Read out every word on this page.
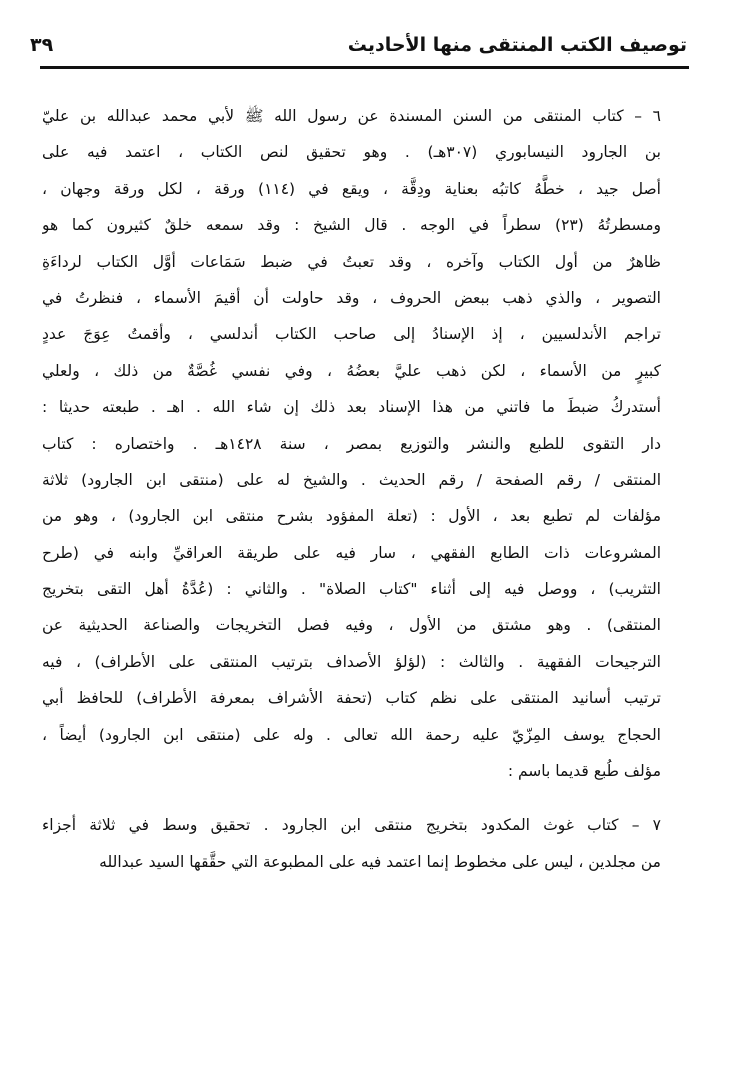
توصيف الكتب المنتقى منها الأحاديث
٣٩
٦ – كتاب المنتقى من السنن المسندة عن رسول الله ﷺ لأبي محمد عبدالله بن عليّ
بن الجارود النيسابوري (٣٠٧هـ) . وهو تحقيق لنص الكتاب ، اعتمد فيه على
أصل جيد ، خطَّهُ كاتبُه بعناية ودِقَّة ، ويقع في (١١٤) ورقة ، لكل ورقة وجهان ،
ومسطرتُهُ (٢٣) سطراً في الوجه . قال الشيخ : وقد سمعه خلقٌ كثيرون كما هو
ظاهرٌ من أول الكتاب وآخره ، وقد تعبتُ في ضبط سَمَاعات أوَّل الكتاب لرداءَةِ
التصوير ، والذي ذهب ببعض الحروف ، وقد حاولت أن أقيمَ الأسماء ، فنظرتُ في
تراجم الأندلسيين ، إذ الإسنادُ إلى صاحب الكتاب أندلسي ، وأقمتُ عِوَجَ عددٍ
كبيرٍ من الأسماء ، لكن ذهب عليَّ بعضُهُ ، وفي نفسي غُصَّةٌ من ذلك ، ولعلي
أستدركُ ضبطَ ما فاتني من هذا الإسناد بعد ذلك إن شاء الله . اهـ . طبعته حديثا :
دار التقوى للطبع والنشر والتوزيع بمصر ، سنة ١٤٢٨هـ . واختصاره : كتاب
المنتقى / رقم الصفحة / رقم الحديث . والشيخ له على (منتقى ابن الجارود) ثلاثة
مؤلفات لم تطبع بعد ، الأول : (تعلة المفؤود بشرح منتقى ابن الجارود) ، وهو من
المشروعات ذات الطابع الفقهي ، سار فيه على طريقة العراقيِّ وابنه في (طرح
التثريب) ، ووصل فيه إلى أثناء "كتاب الصلاة" . والثاني : (عُدَّةُ أهل التقى بتخريج
المنتقى) . وهو مشتق من الأول ، وفيه فصل التخريجات والصناعة الحديثية عن
الترجيحات الفقهية . والثالث : (لؤلؤ الأصداف بترتيب المنتقى على الأطراف) ، فيه
ترتيب أسانيد المنتقى على نظم كتاب (تحفة الأشراف بمعرفة الأطراف) للحافظ أبي
الحجاج يوسف المِزّيّ عليه رحمة الله تعالى . وله على (منتقى ابن الجارود) أيضاً ،
مؤلف طُبع قديما باسم :
٧ – كتاب غوث المكدود بتخريج منتقى ابن الجارود . تحقيق وسط في ثلاثة أجزاء
من مجلدين ، ليس على مخطوط إنما اعتمد فيه على المطبوعة التي حقَّقها السيد عبدالله
